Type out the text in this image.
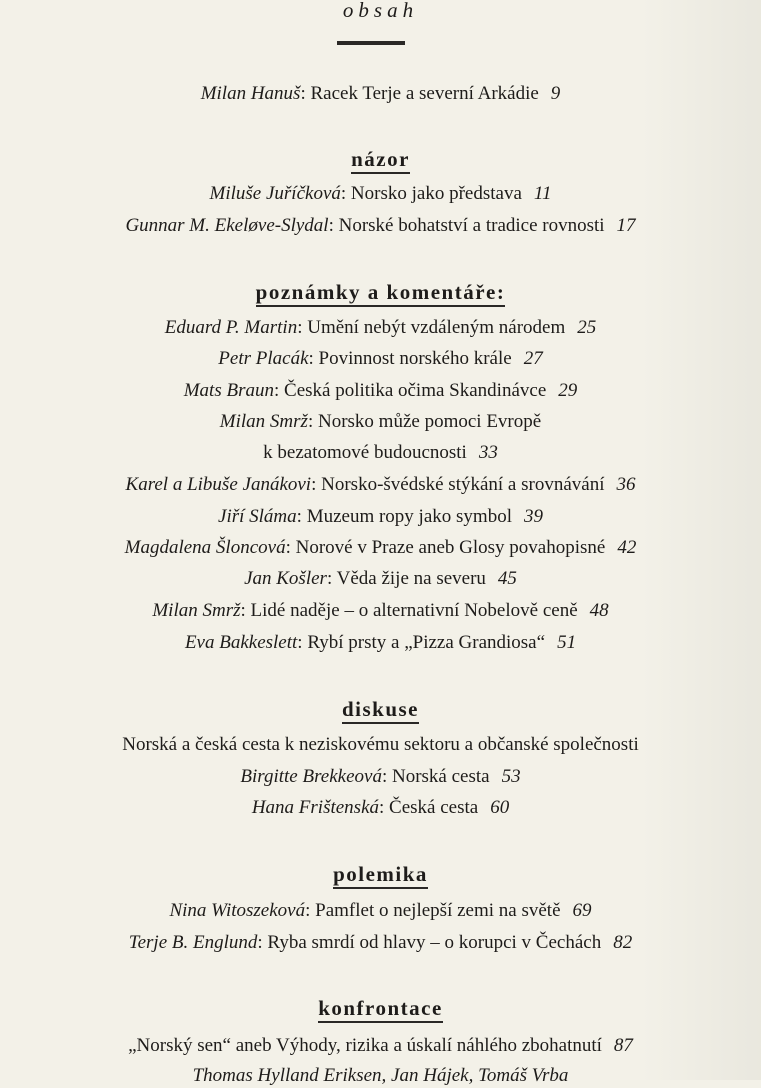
obsah
Milan Hanuš: Racek Terje a severní Arkádie 9
názor
Miluše Juříčková: Norsko jako představa 11
Gunnar M. Ekeløve-Slydal: Norské bohatství a tradice rovnosti 17
poznámky a komentáře:
Eduard P. Martin: Umění nebýt vzdáleným národem 25
Petr Placák: Povinnost norského krále 27
Mats Braun: Česká politika očima Skandinávce 29
Milan Smrž: Norsko může pomoci Evropě
k bezatomové budoucnosti 33
Karel a Libuše Janákovi: Norsko-švédské stýkání a srovnávání 36
Jiří Sláma: Muzeum ropy jako symbol 39
Magdalena Šloncová: Norové v Praze aneb Glosy povahopisné 42
Jan Košler: Věda žije na severu 45
Milan Smrž: Lidé naděje – o alternativní Nobelově ceně 48
Eva Bakkeslett: Rybí prsty a „Pizza Grandiosa“ 51
diskuse
Norská a česká cesta k neziskovému sektoru a občanské společnosti
Birgitte Brekkeová: Norská cesta 53
Hana Frištenská: Česká cesta 60
polemika
Nina Witoszeková: Pamflet o nejlepší zemi na světě 69
Terje B. Englund: Ryba smrdí od hlavy – o korupci v Čechách 82
konfrontace
„Norský sen“ aneb Výhody, rizika a úskalí náhlého zbohatnutí 87
Thomas Hylland Eriksen, Jan Hájek, Tomáš Vrba
